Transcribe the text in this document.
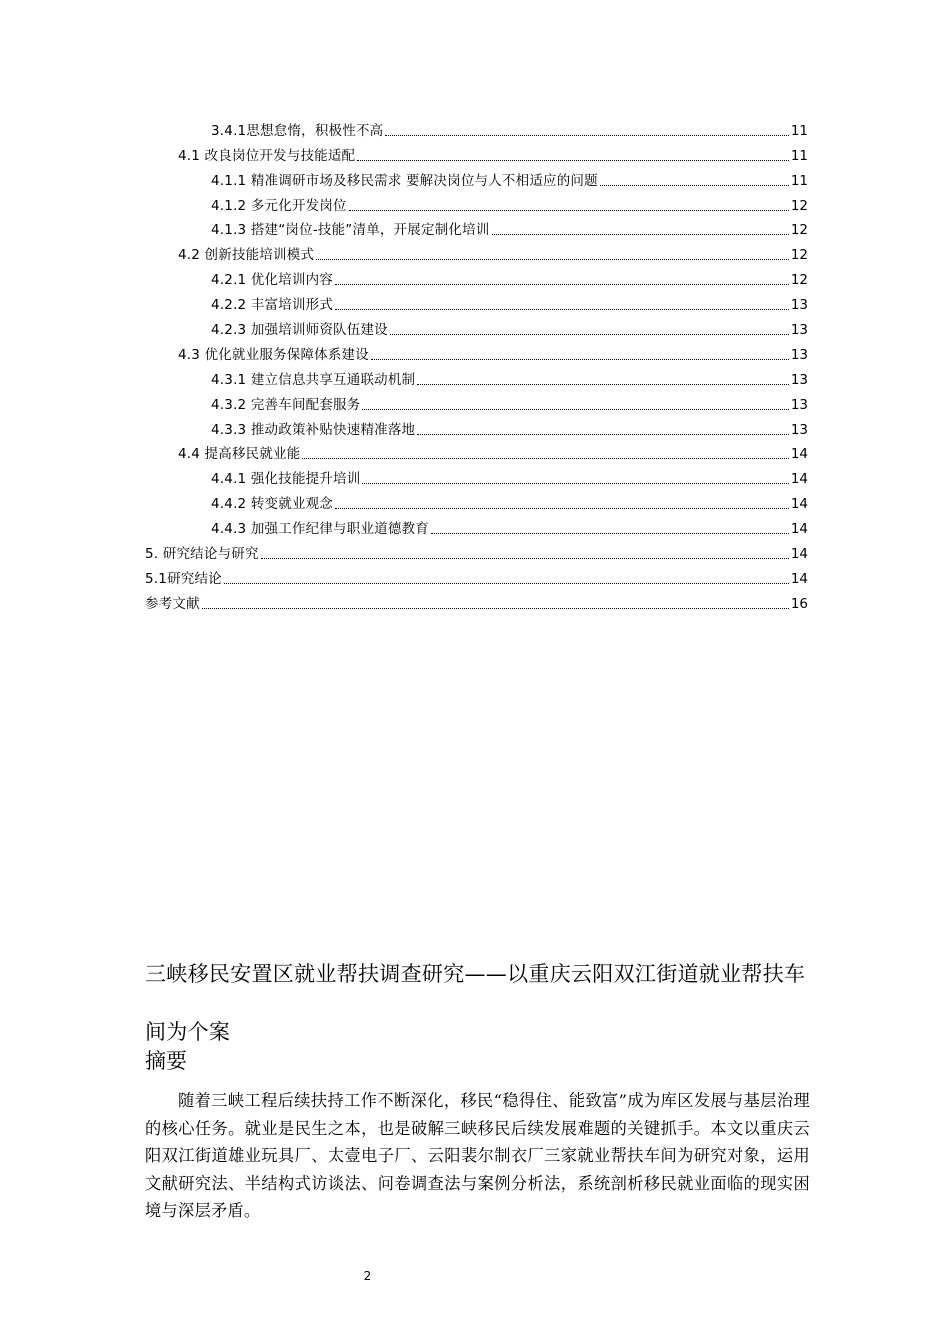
3.4.1思想怠惰，积极性不高	11
4.1 改良岗位开发与技能适配	11
4.1.1 精准调研市场及移民需求 要解决岗位与人不相适应的问题	11
4.1.2 多元化开发岗位	12
4.1.3 搭建“岗位-技能”清单，开展定制化培训	12
4.2 创新技能培训模式	12
4.2.1 优化培训内容	12
4.2.2 丰富培训形式	13
4.2.3 加强培训师资队伍建设	13
4.3 优化就业服务保障体系建设	13
4.3.1 建立信息共享互通联动机制	13
4.3.2 完善车间配套服务	13
4.3.3 推动政策补贴快速精准落地	13
4.4 提高移民就业能	14
4.4.1 强化技能提升培训	14
4.4.2 转变就业观念	14
4.4.3 加强工作纪律与职业道德教育	14
5. 研究结论与研究	14
5.1研究结论	14
参考文献	16
三峡移民安置区就业帮扶调查研究——以重庆云阳双江街道就业帮扶车间为个案
摘要

随着三峡工程后续扶持工作不断深化，移民“稳得住、能致富”成为库区发展与基层治理的核心任务。就业是民生之本，也是破解三峡移民后续发展难题的关键抓手。本文以重庆云阳双江街道雄业玩具厂、太壹电子厂、云阳裴尔制衣厂三家就业帮扶车间为研究对象，运用文献研究法、半结构式访谈法、问卷调查法与案例分析法，系统剖析移民就业面临的现实困境与深层矛盾。

2
